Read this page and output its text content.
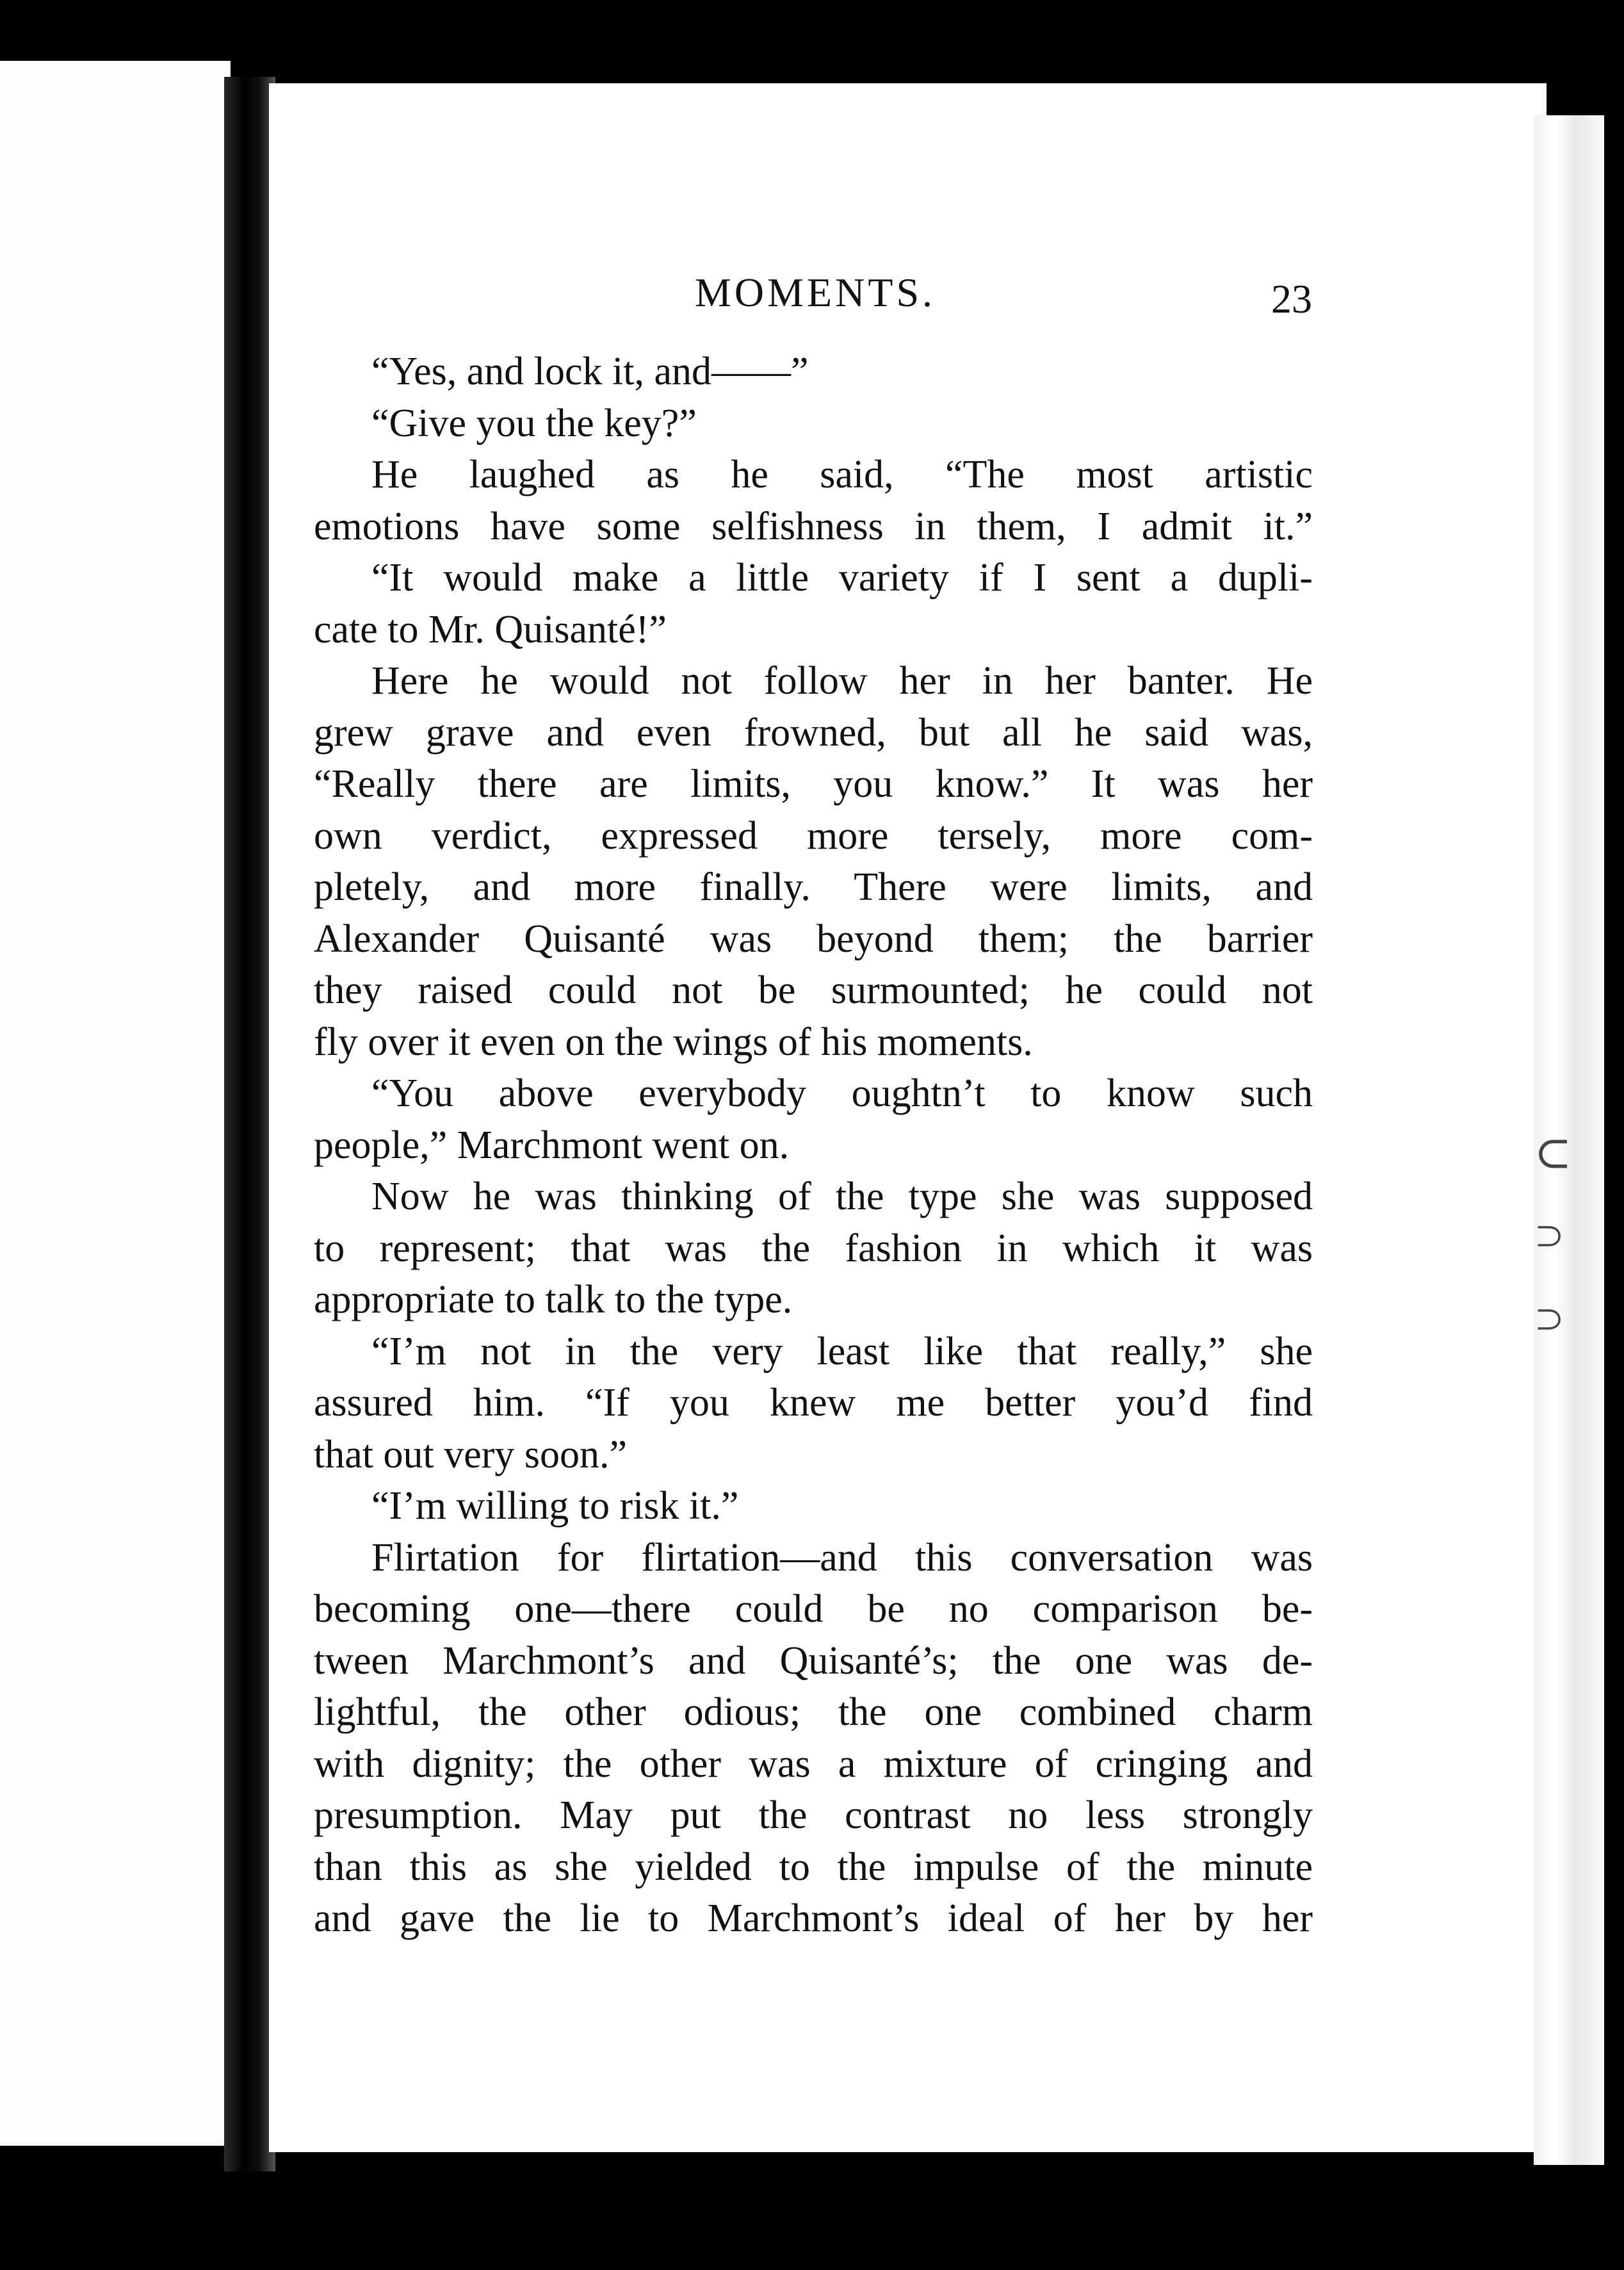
∪
∩
∩
MOMENTS.	23
“Yes, and lock it, and——”
“Give you the key?”
He laughed as he said, “The most artistic
emotions have some selfishness in them, I admit it.”
“It would make a little variety if I sent a dupli-
cate to Mr. Quisanté!”
Here he would not follow her in her banter. He
grew grave and even frowned, but all he said was,
“Really there are limits, you know.” It was her
own verdict, expressed more tersely, more com-
pletely, and more finally. There were limits, and
Alexander Quisanté was beyond them; the barrier
they raised could not be surmounted; he could not
fly over it even on the wings of his moments.
“You above everybody oughtn’t to know such
people,” Marchmont went on.
Now he was thinking of the type she was supposed
to represent; that was the fashion in which it was
appropriate to talk to the type.
“I’m not in the very least like that really,” she
assured him. “If you knew me better you’d find
that out very soon.”
“I’m willing to risk it.”
Flirtation for flirtation—and this conversation was
becoming one—there could be no comparison be-
tween Marchmont’s and Quisanté’s; the one was de-
lightful, the other odious; the one combined charm
with dignity; the other was a mixture of cringing and
presumption. May put the contrast no less strongly
than this as she yielded to the impulse of the minute
and gave the lie to Marchmont’s ideal of her by her
